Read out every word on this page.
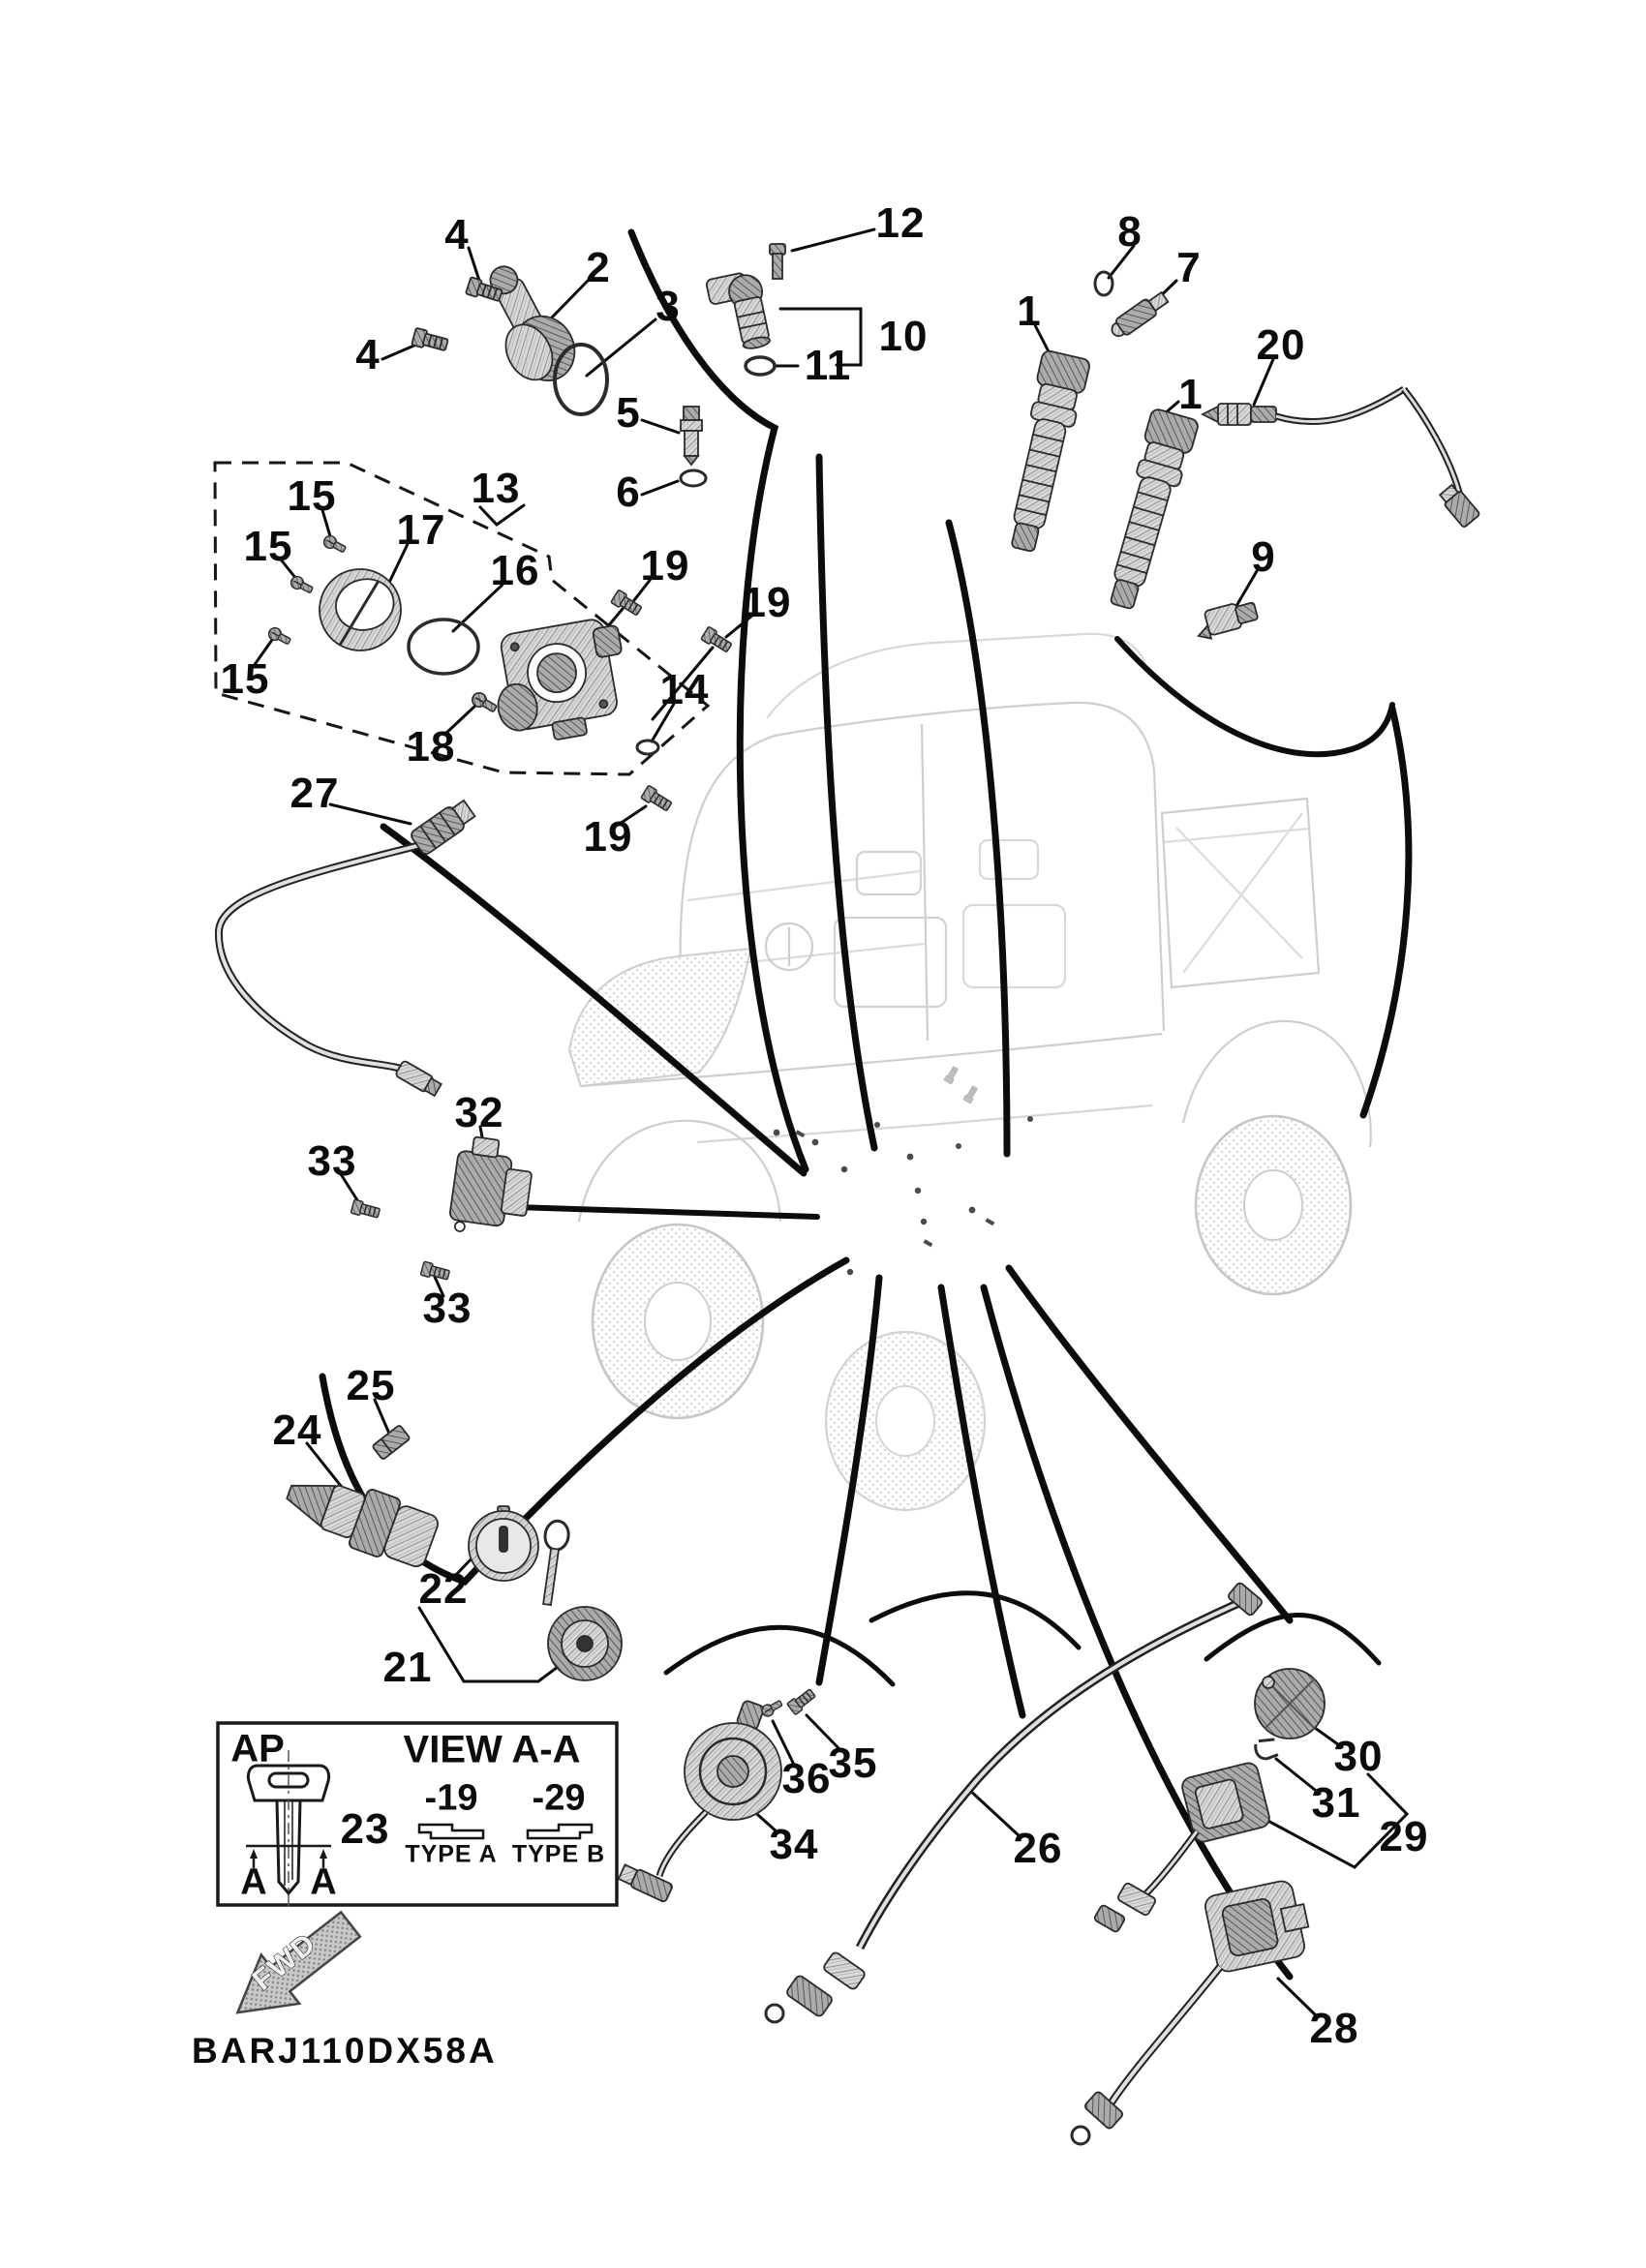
FWD
4
2
3
4
12
10
11
5
6
8
7
1
1
20
9
13
15
15 17
16 19
19
15
18
14
19
27
32
33
33
25
24
22
21
23	34
36
35
26
30
31
29
28
AP	VIEW A-A
-19
TYPE A
-29
TYPE B
A A
BARJ110DX58A
